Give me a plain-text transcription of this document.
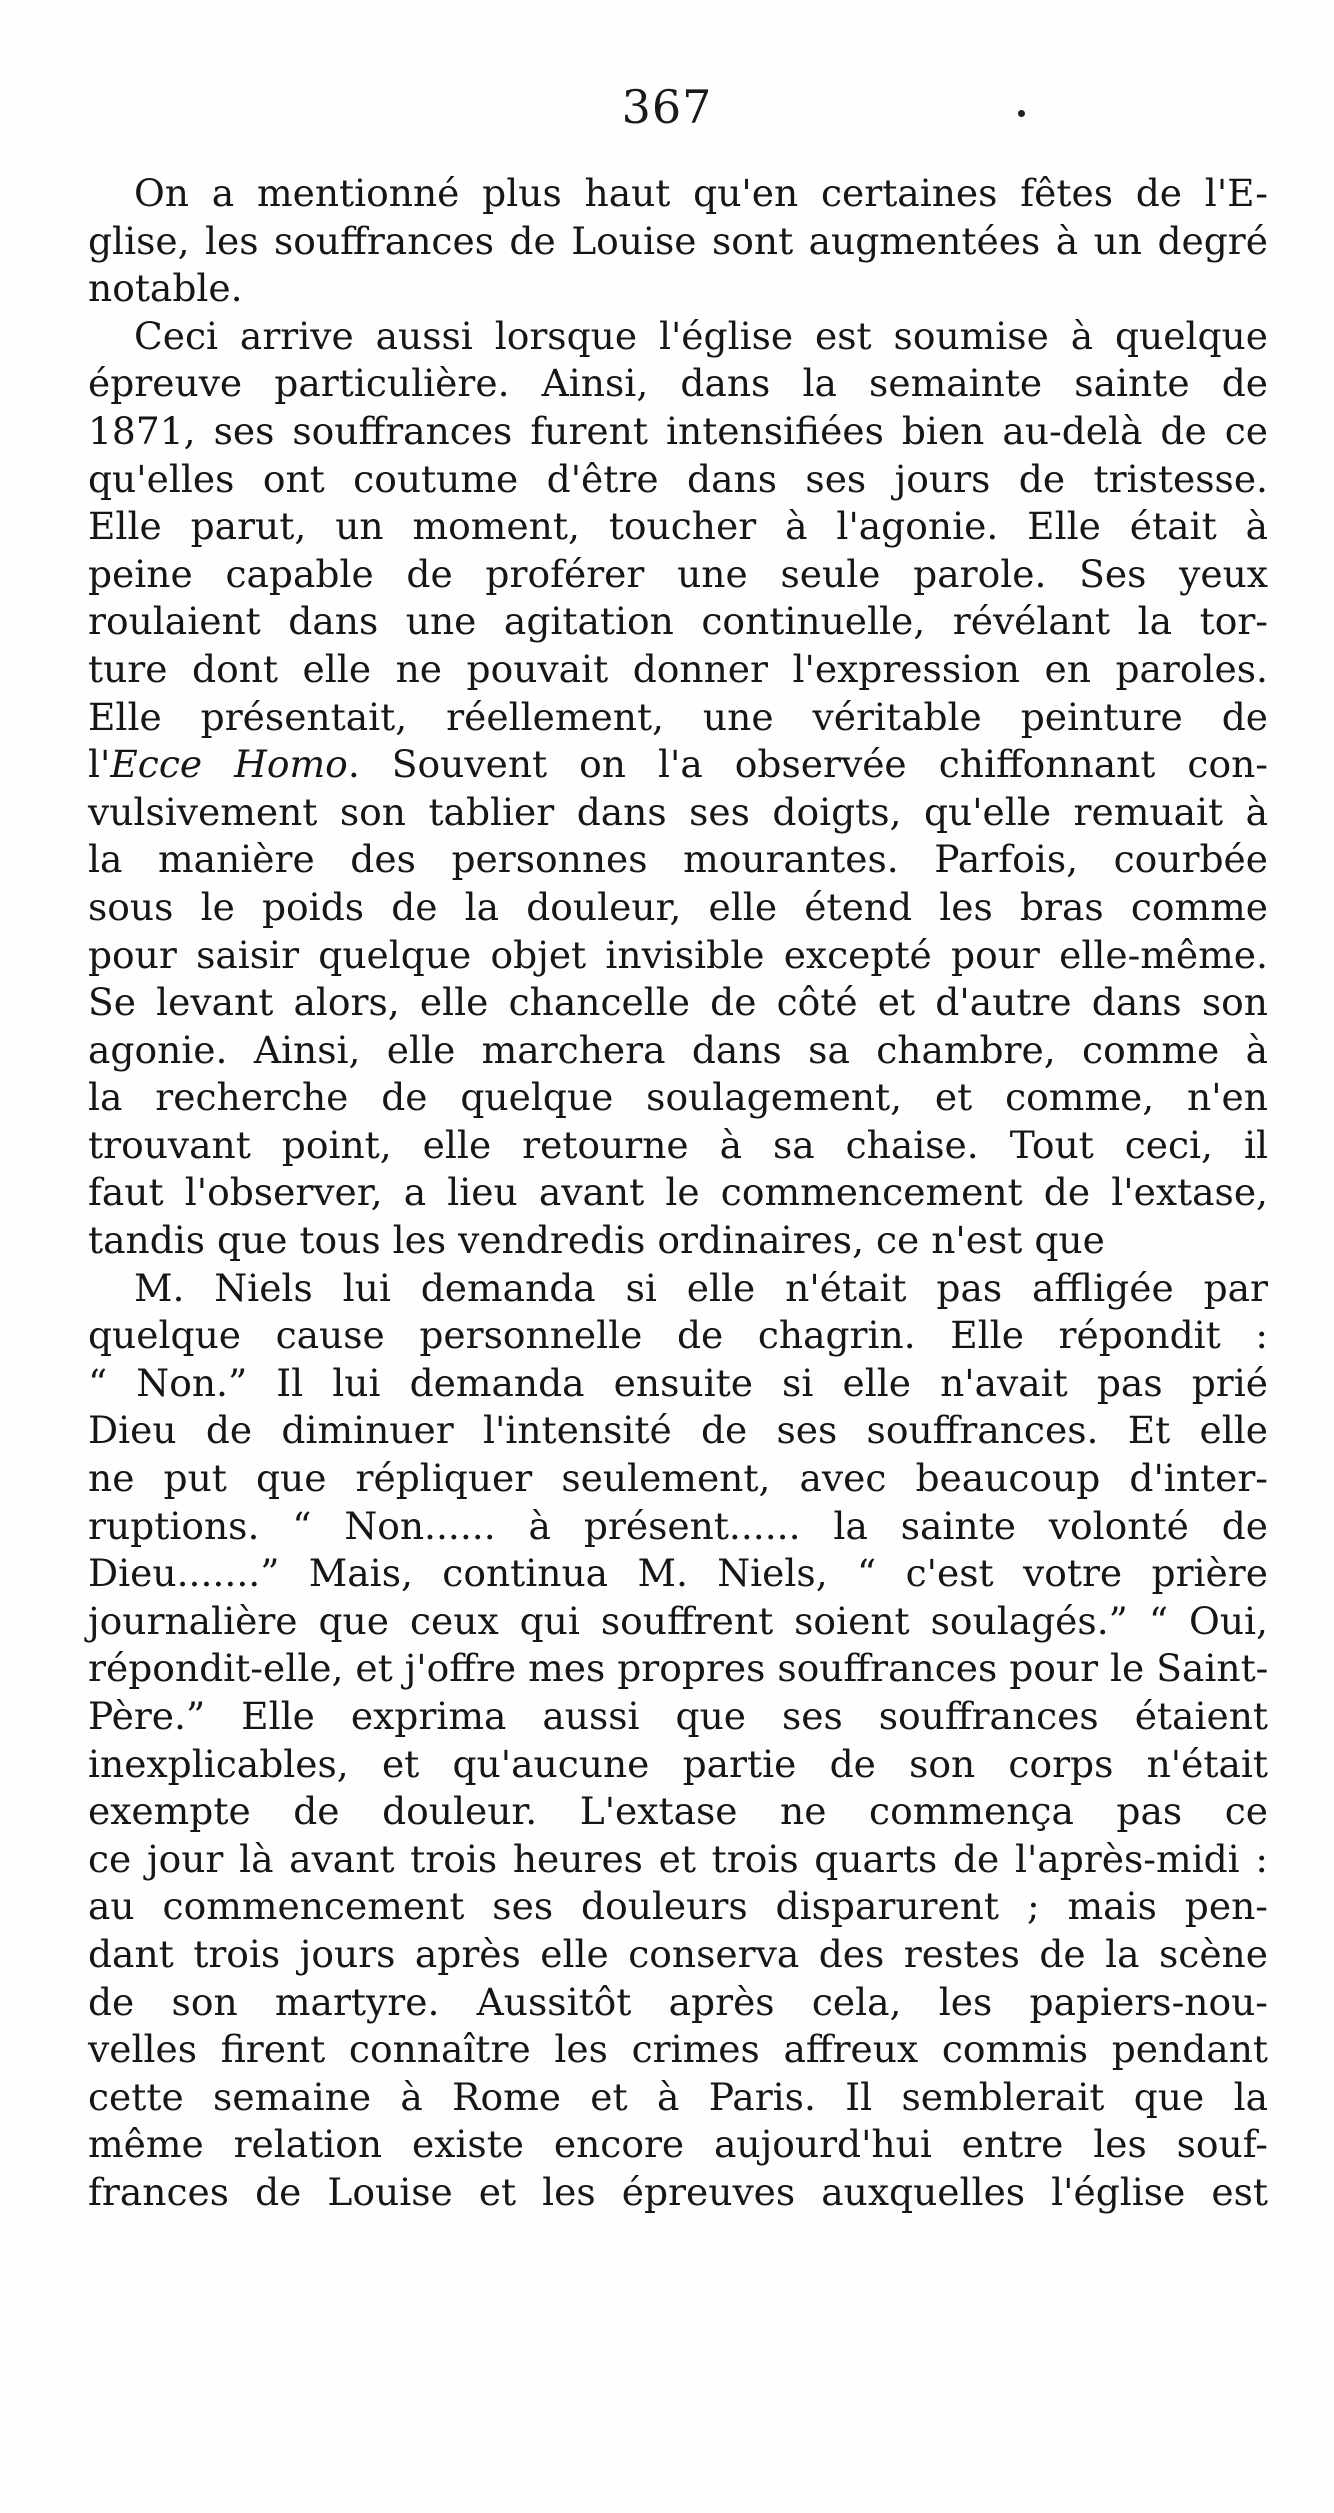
367
On a mentionné plus haut qu'en certaines fêtes de l'E-
glise, les souffrances de Louise sont augmentées à un degré
notable.
Ceci arrive aussi lorsque l'église est soumise à quelque
épreuve particulière. Ainsi, dans la semainte sainte de
1871, ses souffrances furent intensifiées bien au-delà de ce
qu'elles ont coutume d'être dans ses jours de tristesse.
Elle parut, un moment, toucher à l'agonie. Elle était à
peine capable de proférer une seule parole. Ses yeux
roulaient dans une agitation continuelle, révélant la tor-
ture dont elle ne pouvait donner l'expression en paroles.
Elle présentait, réellement, une véritable peinture de
l'Ecce Homo. Souvent on l'a observée chiffonnant con-
vulsivement son tablier dans ses doigts, qu'elle remuait à
la manière des personnes mourantes. Parfois, courbée
sous le poids de la douleur, elle étend les bras comme
pour saisir quelque objet invisible excepté pour elle-même.
Se levant alors, elle chancelle de côté et d'autre dans son
agonie. Ainsi, elle marchera dans sa chambre, comme à
la recherche de quelque soulagement, et comme, n'en
trouvant point, elle retourne à sa chaise. Tout ceci, il
faut l'observer, a lieu avant le commencement de l'extase,
tandis que tous les vendredis ordinaires, ce n'est que
M. Niels lui demanda si elle n'était pas affligée par
quelque cause personnelle de chagrin. Elle répondit :
“ Non.” Il lui demanda ensuite si elle n'avait pas prié
Dieu de diminuer l'intensité de ses souffrances. Et elle
ne put que répliquer seulement, avec beaucoup d'inter-
ruptions. “ Non...... à présent...... la sainte volonté de
Dieu.......” Mais, continua M. Niels, “ c'est votre prière
journalière que ceux qui souffrent soient soulagés.” “ Oui,
répondit-elle, et j'offre mes propres souffrances pour le Saint-
Père.” Elle exprima aussi que ses souffrances étaient
inexplicables, et qu'aucune partie de son corps n'était
exempte de douleur. L'extase ne commença pas ce
ce jour là avant trois heures et trois quarts de l'après-midi :
au commencement ses douleurs disparurent ; mais pen-
dant trois jours après elle conserva des restes de la scène
de son martyre. Aussitôt après cela, les papiers-nou-
velles firent connaître les crimes affreux commis pendant
cette semaine à Rome et à Paris. Il semblerait que la
même relation existe encore aujourd'hui entre les souf-
frances de Louise et les épreuves auxquelles l'église est
